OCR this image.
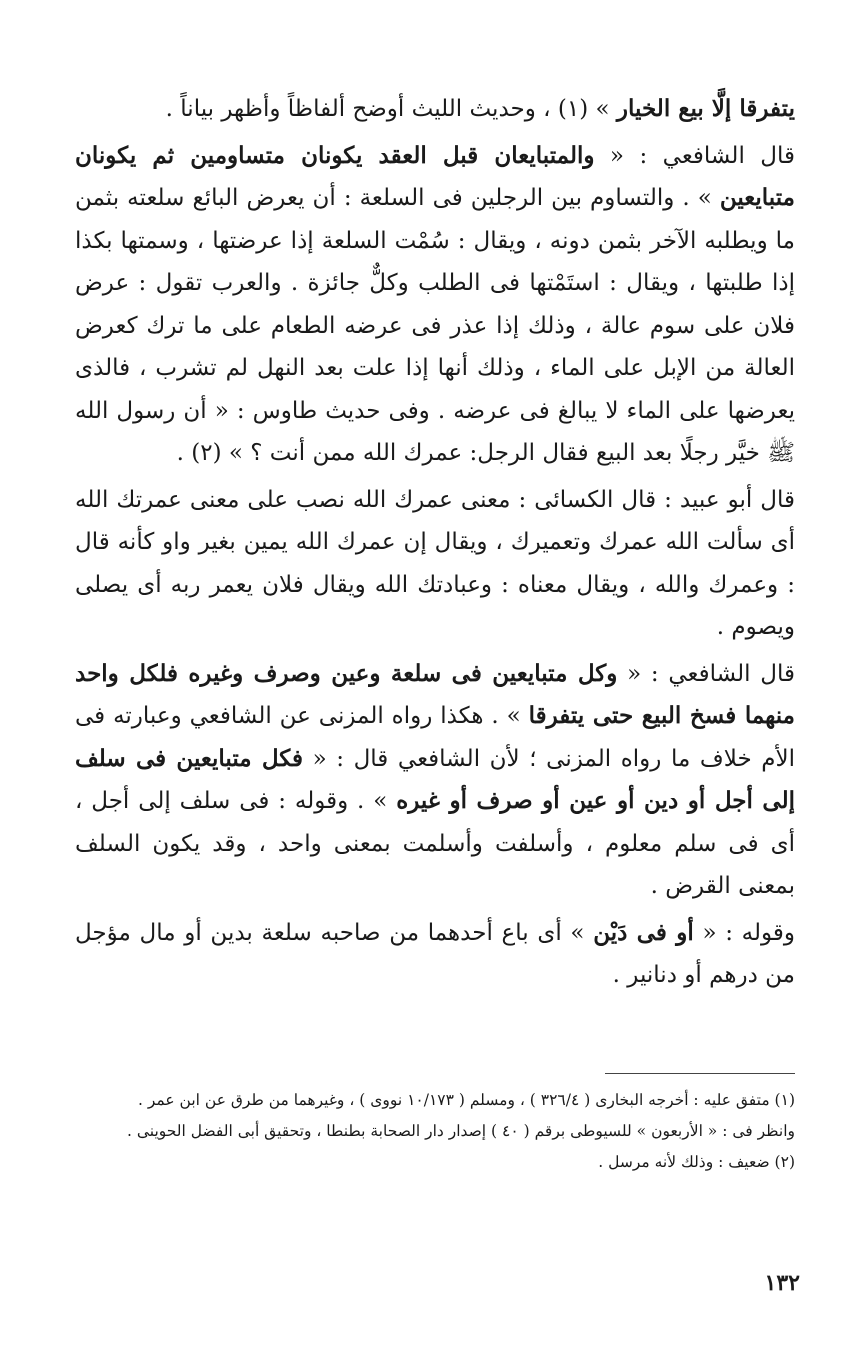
يتفرقا إلَّا بيع الخيار » (١) ، وحديث الليث أوضح ألفاظاً وأظهر بياناً .

قال الشافعي : « والمتبايعان قبل العقد يكونان متساومين ثم يكونان متبايعين » . والتساوم بين الرجلين فى السلعة : أن يعرض البائع سلعته بثمن ما ويطلبه الآخر بثمن دونه ، ويقال : سُمْت السلعة إذا عرضتها ، وسمتها بكذا إذا طلبتها ، ويقال : استَمْتها فى الطلب وكلٌّ جائزة . والعرب تقول : عرض فلان على سوم عالة ، وذلك إذا عذر فى عرضه الطعام على ما ترك كعرض العالة من الإبل على الماء ، وذلك أنها إذا علت بعد النهل لم تشرب ، فالذى يعرضها على الماء لا يبالغ فى عرضه . وفى حديث طاوس : « أن رسول الله ﷺ خيَّر رجلًا بعد البيع فقال الرجل: عمرك الله ممن أنت ؟ » (٢) .

قال أبو عبيد : قال الكسائى : معنى عمرك الله نصب على معنى عمرتك الله أى سألت الله عمرك وتعميرك ، ويقال إن عمرك الله يمين بغير واو كأنه قال : وعمرك والله ، ويقال معناه : وعبادتك الله ويقال فلان يعمر ربه أى يصلى ويصوم .

قال الشافعي : « وكل متبايعين فى سلعة وعين وصرف وغيره فلكل واحد منهما فسخ البيع حتى يتفرقا » . هكذا رواه المزنى عن الشافعي وعبارته فى الأم خلاف ما رواه المزنى ؛ لأن الشافعي قال : « فكل متبايعين فى سلف إلى أجل أو دين أو عين أو صرف أو غيره » . وقوله : فى سلف إلى أجل ، أى فى سلم معلوم ، وأسلفت وأسلمت بمعنى واحد ، وقد يكون السلف بمعنى القرض .

وقوله : « أو فى دَيْن » أى باع أحدهما من صاحبه سلعة بدين أو مال مؤجل من درهم أو دنانير .

(١) متفق عليه : أخرجه البخارى ( ٣٢٦/٤ ) ، ومسلم ( ١٠/١٧٣ نووى ) ، وغيرهما من طرق عن ابن عمر .

وانظر فى : « الأربعون » للسيوطى برقم ( ٤٠ ) إصدار دار الصحابة بطنطا ، وتحقيق أبى الفضل الحوينى .

(٢) ضعيف : وذلك لأنه مرسل .

١٣٢
